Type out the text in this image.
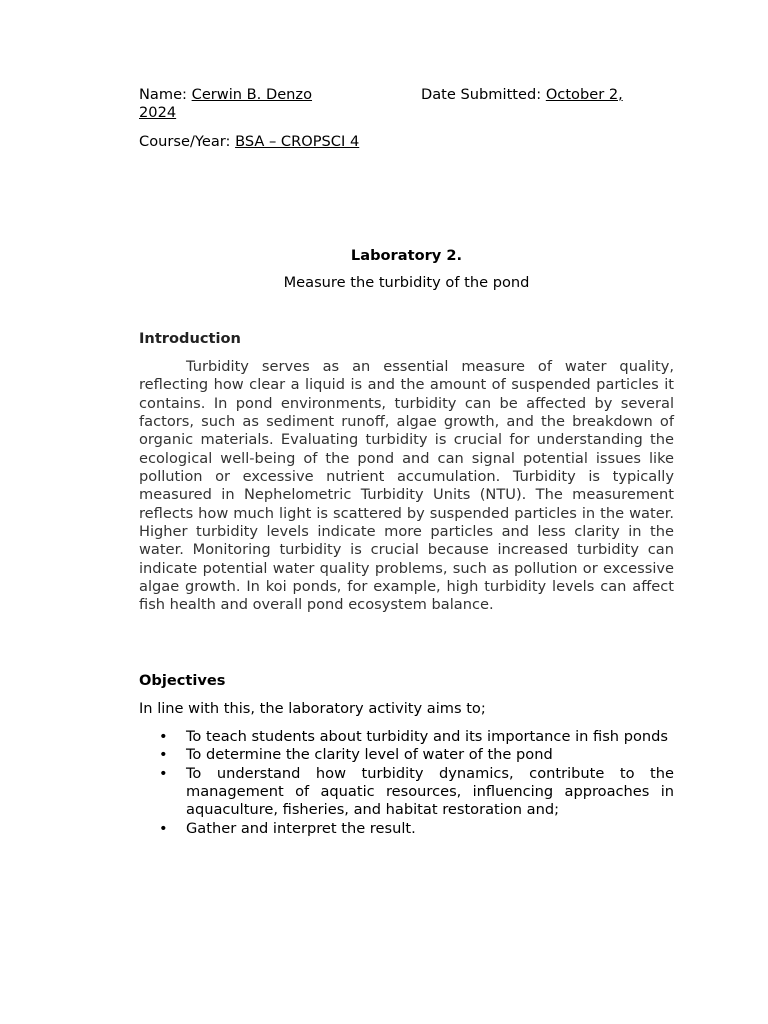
Name: Cerwin B. Denzo	Date Submitted: October 2,
2024
Course/Year: BSA – CROPSCI 4
Laboratory 2.
Measure the turbidity of the pond
Introduction

Turbidity serves as an essential measure of water quality, reflecting how clear a liquid is and the amount of suspended particles it contains. In pond environments, turbidity can be affected by several factors, such as sediment runoff, algae growth, and the breakdown of organic materials. Evaluating turbidity is crucial for understanding the ecological well-being of the pond and can signal potential issues like pollution or excessive nutrient accumulation. Turbidity is typically measured in Nephelometric Turbidity Units (NTU). The measurement reflects how much light is scattered by suspended particles in the water. Higher turbidity levels indicate more particles and less clarity in the water. Monitoring turbidity is crucial because increased turbidity can indicate potential water quality problems, such as pollution or excessive algae growth. In koi ponds, for example, high turbidity levels can affect fish health and overall pond ecosystem balance.

Objectives
In line with this, the laboratory activity aims to;
• To teach students about turbidity and its importance in fish ponds
• To determine the clarity level of water of the pond
• To understand how turbidity dynamics, contribute to the management of aquatic resources, influencing approaches in aquaculture, fisheries, and habitat restoration and;
• Gather and interpret the result.
